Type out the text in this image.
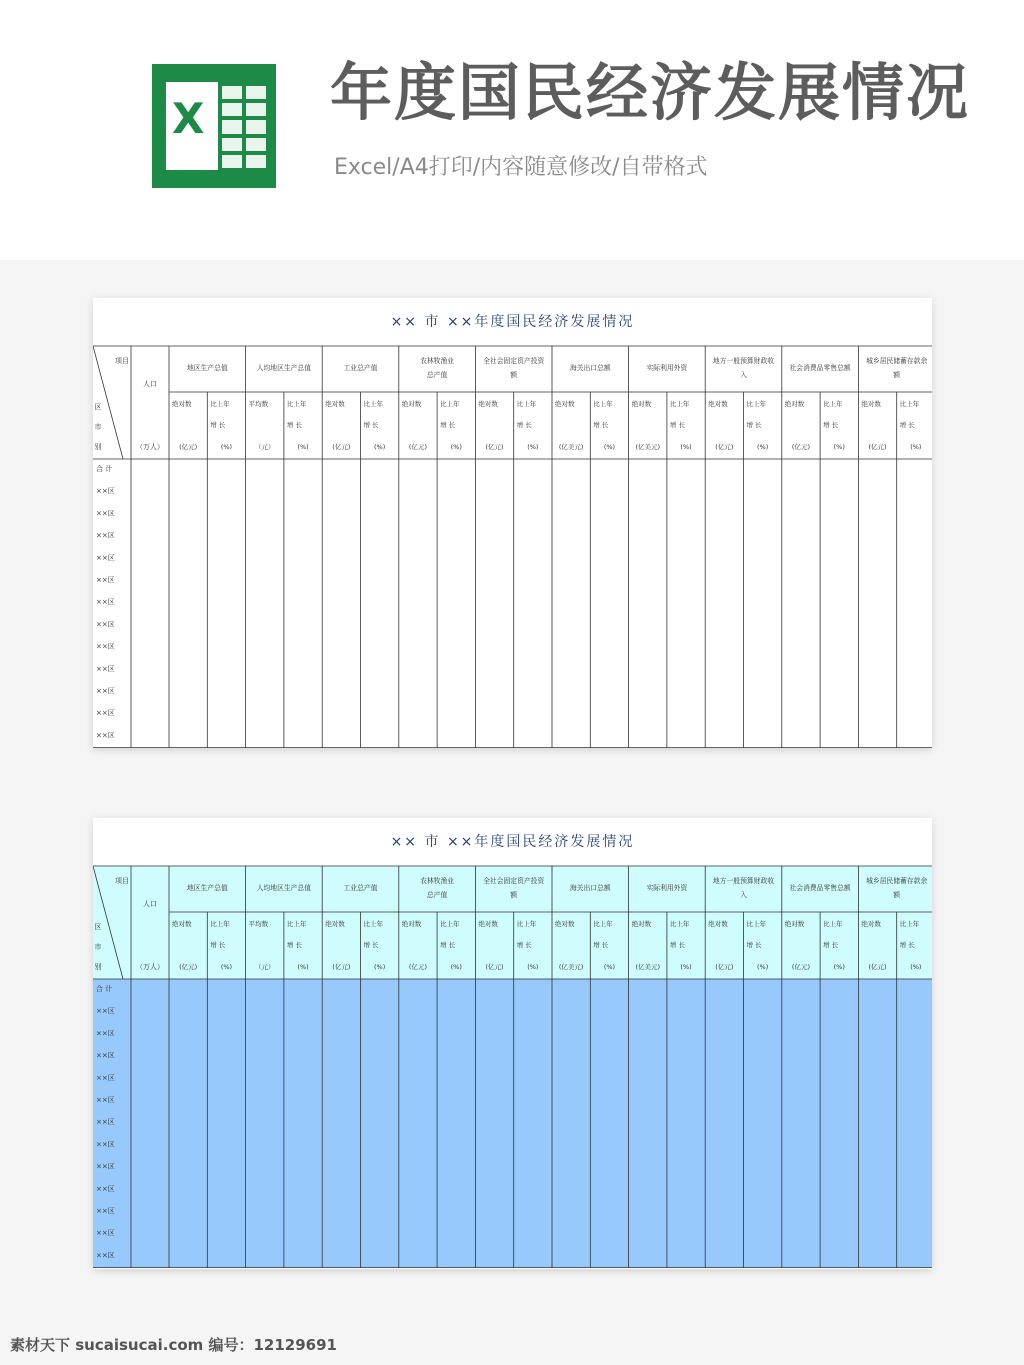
X 年度国民经济发展情况
Excel/A4打印/内容随意修改/自带格式
×× 市 ××年度国民经济发展情况
项目
区
市
别
人口
（万人）
地区生产总值
绝对数
(亿元)
比上年
增 长
(%)
人均地区生产总值
平均数
（元）
比上年
增 长
(%)
工业总产值
绝对数
(亿元)
比上年
增 长
(%)
农林牧渔业
总产值
绝对数
(亿元)
比上年
增 长
(%)
全社会固定资产投资
额
绝对数
(亿元)
比上年
增 长
(%)
海关出口总额
绝对数
(亿美元)
比上年
增 长
(%)
实际利用外资
绝对数
(亿美元)
比上年
增 长
(%)
地方一般预算财政收
入
绝对数
(亿元)
比上年
增 长
(%)
社会消费品零售总额
绝对数
(亿元)
比上年
增 长
(%)
城乡居民储蓄存款余
额
绝对数
(亿元)
比上年
增 长
(%)
合 计
××区
××区
××区
××区
××区
××区
××区
××区
××区
××区
××区
××区
×× 市 ××年度国民经济发展情况
项目
区
市
别
人口
（万人）
地区生产总值
绝对数
(亿元)
比上年
增 长
(%)
人均地区生产总值
平均数
（元）
比上年
增 长
(%)
工业总产值
绝对数
(亿元)
比上年
增 长
(%)
农林牧渔业
总产值
绝对数
(亿元)
比上年
增 长
(%)
全社会固定资产投资
额
绝对数
(亿元)
比上年
增 长
(%)
海关出口总额
绝对数
(亿美元)
比上年
增 长
(%)
实际利用外资
绝对数
(亿美元)
比上年
增 长
(%)
地方一般预算财政收
入
绝对数
(亿元)
比上年
增 长
(%)
社会消费品零售总额
绝对数
(亿元)
比上年
增 长
(%)
城乡居民储蓄存款余
额
绝对数
(亿元)
比上年
增 长
(%)
合 计
××区
××区
××区
××区
××区
××区
××区
××区
××区
××区
××区
××区
素材天下 sucaisucai.com 编号：12129691
